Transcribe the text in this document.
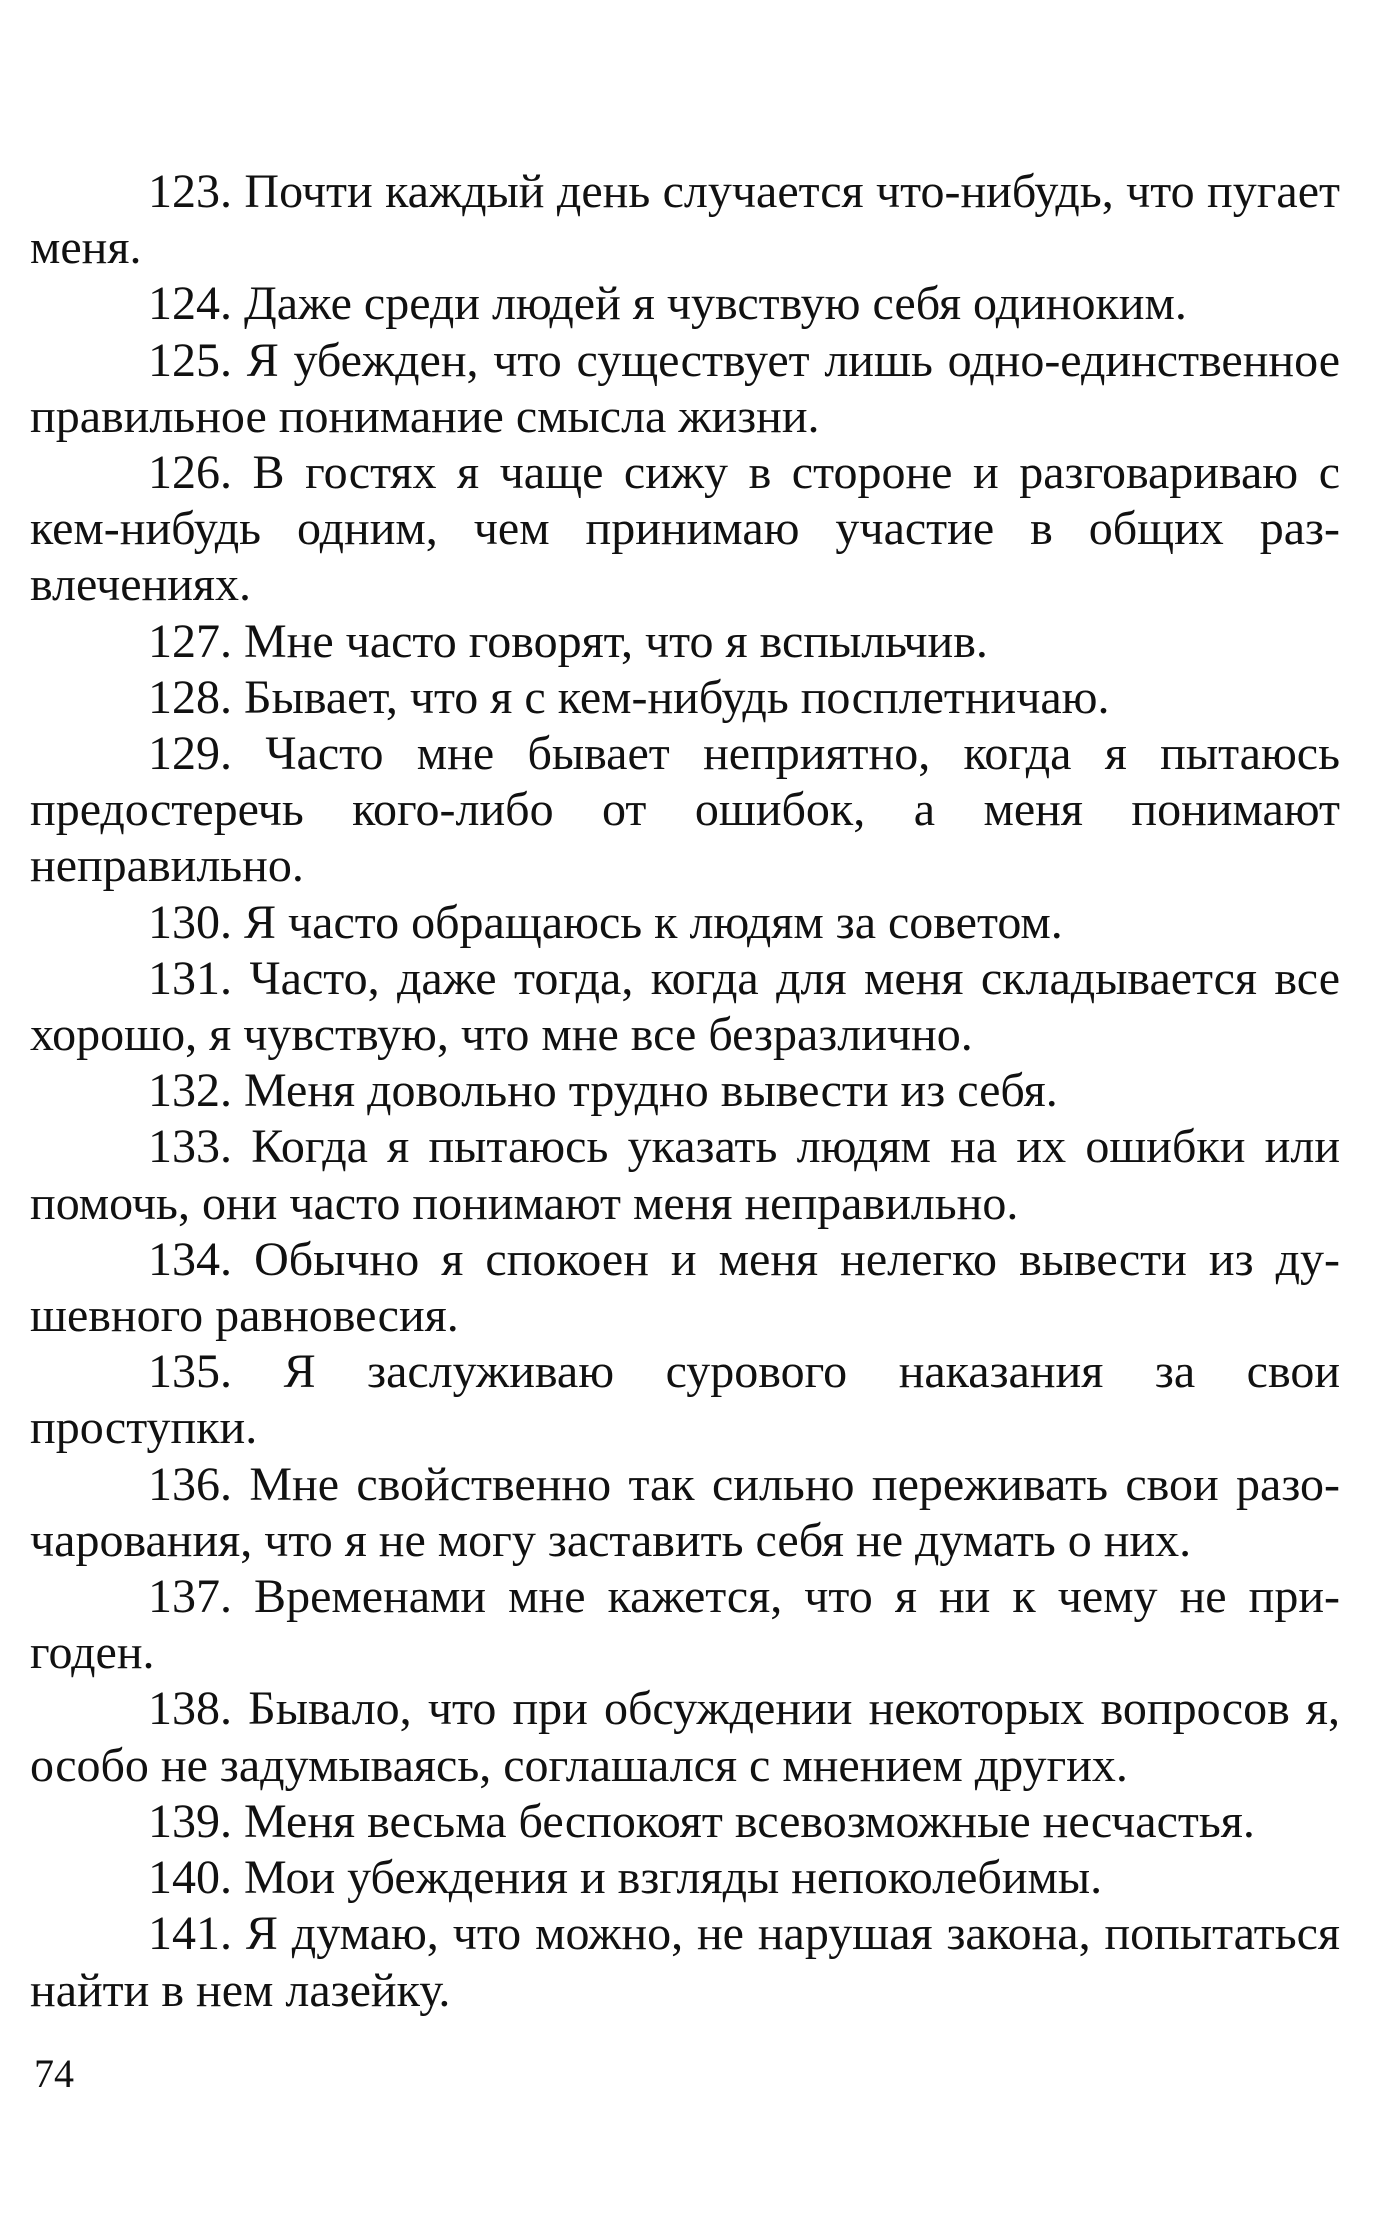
123. Почти каждый день случается что-нибудь, что пугает меня.

124. Даже среди людей я чувствую себя одиноким.

125. Я убежден, что существует лишь одно-единственное правильное понимание смысла жизни.

126. В гостях я чаще сижу в стороне и разговариваю с кем-нибудь одним, чем принимаю участие в общих развлечениях.

127. Мне часто говорят, что я вспыльчив.

128. Бывает, что я с кем-нибудь посплетничаю.

129. Часто мне бывает неприятно, когда я пытаюсь предостеречь кого-либо от ошибок, а меня понимают неправильно.

130. Я часто обращаюсь к людям за советом.

131. Часто, даже тогда, когда для меня складывается все хорошо, я чувствую, что мне все безразлично.

132. Меня довольно трудно вывести из себя.

133. Когда я пытаюсь указать людям на их ошибки или помочь, они часто понимают меня неправильно.

134. Обычно я спокоен и меня нелегко вывести из душевного равновесия.

135. Я заслуживаю сурового наказания за свои проступки.

136. Мне свойственно так сильно переживать свои разочарования, что я не могу заставить себя не думать о них.

137. Временами мне кажется, что я ни к чему не пригоден.

138. Бывало, что при обсуждении некоторых вопросов я, особо не задумываясь, соглашался с мнением других.

139. Меня весьма беспокоят всевозможные несчастья.

140. Мои убеждения и взгляды непоколебимы.

141. Я думаю, что можно, не нарушая закона, попытаться найти в нем лазейку.

74
